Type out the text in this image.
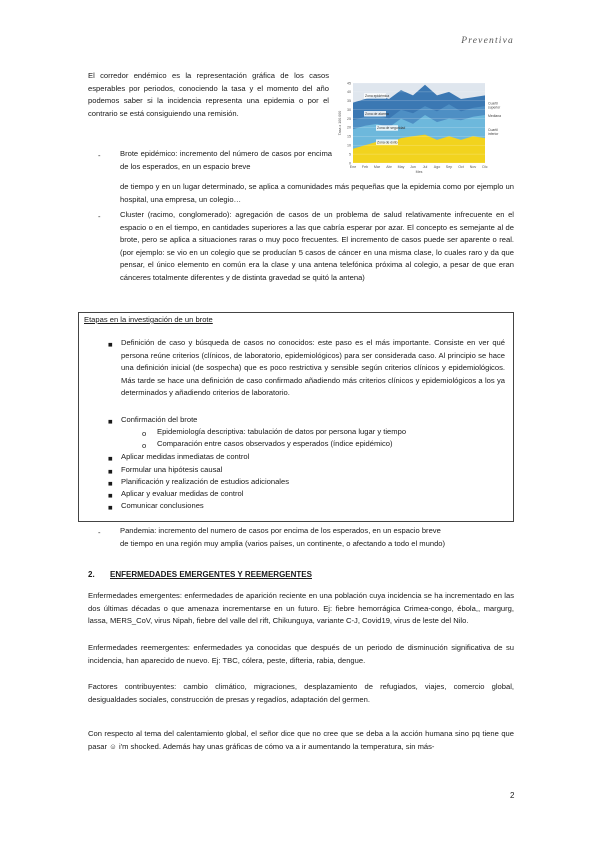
Preventiva

El corredor endémico es la representación gráfica de los casos esperables por periodos, conociendo la tasa y el momento del año podemos saber si la incidencia representa una epidemia o por el contrario se está consiguiendo una remisión.

0
5
10
15
20
25
30
35
40
45
Ene Feb Mar Abr May Jun Jul Ago Sep Oct Nov Dic
Mes
Tasa x 100.000
Zona de éxito
Zona de seguridad
Zona de alarma
Zona epidémica
Cuartil superior
Mediana
Cuartil inferior
-	Brote epidémico: incremento del número de casos por encima de los esperados, en un espacio breve

de tiempo y en un lugar determinado, se aplica a comunidades más pequeñas que la epidemia como por ejemplo un hospital, una empresa, un colegio…

-	Cluster (racimo, conglomerado): agregación de casos de un problema de salud relativamente infrecuente en el espacio o en el tiempo, en cantidades superiores a las que cabría esperar por azar. El concepto es semejante al de brote, pero se aplica a situaciones raras o muy poco frecuentes. El incremento de casos puede ser aparente o real. (por ejemplo: se vio en un colegio que se producían 5 casos de cáncer en una misma clase, lo cuales raro y da que pensar, el único elemento en común era la clase y una antena telefónica próxima al colegio, a pesar de que eran cánceres totalmente diferentes y de distinta gravedad se quitó la antena)

Etapas en la investigación de un brote

■ Definición de caso y búsqueda de casos no conocidos: este paso es el más importante. Consiste en ver qué persona reúne criterios (clínicos, de laboratorio, epidemiológicos) para ser considerada caso. Al principio se hace una definición inicial (de sospecha) que es poco restrictiva y sensible según criterios clínicos y epidemiológicos. Más tarde se hace una definición de caso confirmado añadiendo más criterios clínicos y epidemiológicos a los ya determinados y añadiendo criterios de laboratorio.

■ Confirmación del brote

o Epidemiología descriptiva: tabulación de datos por persona lugar y tiempo

o Comparación entre casos observados y esperados (índice epidémico)

■ Aplicar medidas inmediatas de control

■ Formular una hipótesis causal

■ Planificación y realización de estudios adicionales

■ Aplicar y evaluar medidas de control

■ Comunicar conclusiones

-	Pandemia: incremento del numero de casos por encima de los esperados, en un espacio breve

de tiempo en una región muy amplia (varios países, un continente, o afectando a todo el mundo)

2. ENFERMEDADES EMERGENTES Y REEMERGENTES

Enfermedades emergentes: enfermedades de aparición reciente en una población cuya incidencia se ha incrementado en las dos últimas décadas o que amenaza incrementarse en un futuro. Ej: fiebre hemorrágica Crimea-congo, ébola,, margurg, lassa, MERS_CoV, virus Nipah, fiebre del valle del rift, Chikunguya, variante C-J, Covid19, virus de leste del Nilo.

Enfermedades reemergentes: enfermedades ya conocidas que después de un periodo de disminución significativa de su incidencia, han aparecido de nuevo. Ej: TBC, cólera, peste, difteria, rabia, dengue.

Factores contribuyentes: cambio climático, migraciones, desplazamiento de refugiados, viajes, comercio global, desigualdades sociales, construcción de presas y regadíos, adaptación del germen.

Con respecto al tema del calentamiento global, el señor dice que no cree que se deba a la acción humana sino pq tiene que pasar ☺ i'm shocked. Además hay unas gráficas de cómo va a ir aumentando la temperatura, sin más-

2
